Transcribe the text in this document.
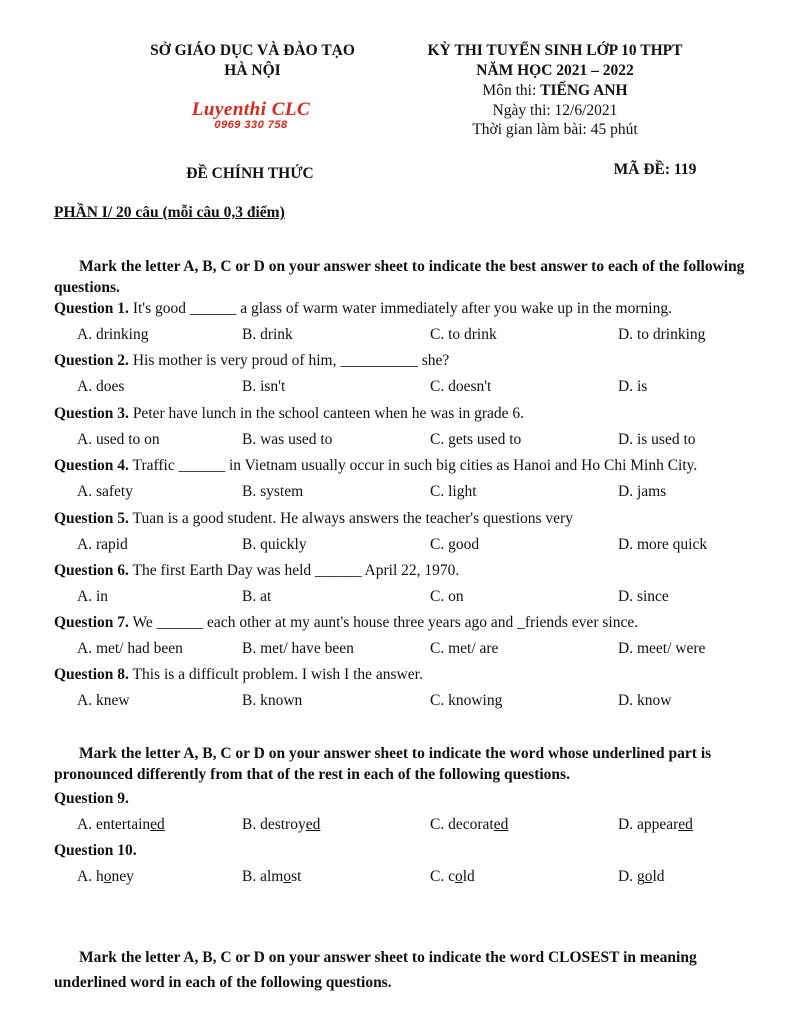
SỞ GIÁO DỤC VÀ ĐÀO TẠO
HÀ NỘI
Luyenthi CLC
0969 330 758
KỲ THI TUYỂN SINH LỚP 10 THPT
NĂM HỌC 2021 – 2022
Môn thi: TIẾNG ANH
Ngày thi: 12/6/2021
Thời gian làm bài: 45 phút
ĐỀ CHÍNH THỨC	MÃ ĐỀ: 119
PHẦN I/ 20 câu (mỗi câu 0,3 điểm)
Mark the letter A, B, C or D on your answer sheet to indicate the best answer to each of the following questions.
Question 1. It's good ______ a glass of warm water immediately after you wake up in the morning.
A. drinking	B. drink	C. to drink	D. to drinking
Question 2. His mother is very proud of him, __________ she?
A. does	B. isn't	C. doesn't	D. is
Question 3. Peter have lunch in the school canteen when he was in grade 6.
A. used to on	B. was used to	C. gets used to	D. is used to
Question 4. Traffic ______ in Vietnam usually occur in such big cities as Hanoi and Ho Chi Minh City.
A. safety	B. system	C. light	D. jams
Question 5. Tuan is a good student. He always answers the teacher's questions very
A. rapid	B. quickly	C. good	D. more quick
Question 6. The first Earth Day was held ______ April 22, 1970.
A. in	B. at	C. on	D. since
Question 7. We ______ each other at my aunt's house three years ago and _friends ever since.
A. met/ had been	B. met/ have been	C. met/ are	D. meet/ were
Question 8. This is a difficult problem. I wish I the answer.
A. knew	B. known	C. knowing	D. know
Mark the letter A, B, C or D on your answer sheet to indicate the word whose underlined part is pronounced differently from that of the rest in each of the following questions.
Question 9.
A. entertained	B. destroyed	C. decorated	D. appeared
Question 10.
A. honey	B. almost	C. cold	D. gold
Mark the letter A, B, C or D on your answer sheet to indicate the word CLOSEST in meaning underlined word in each of the following questions.
